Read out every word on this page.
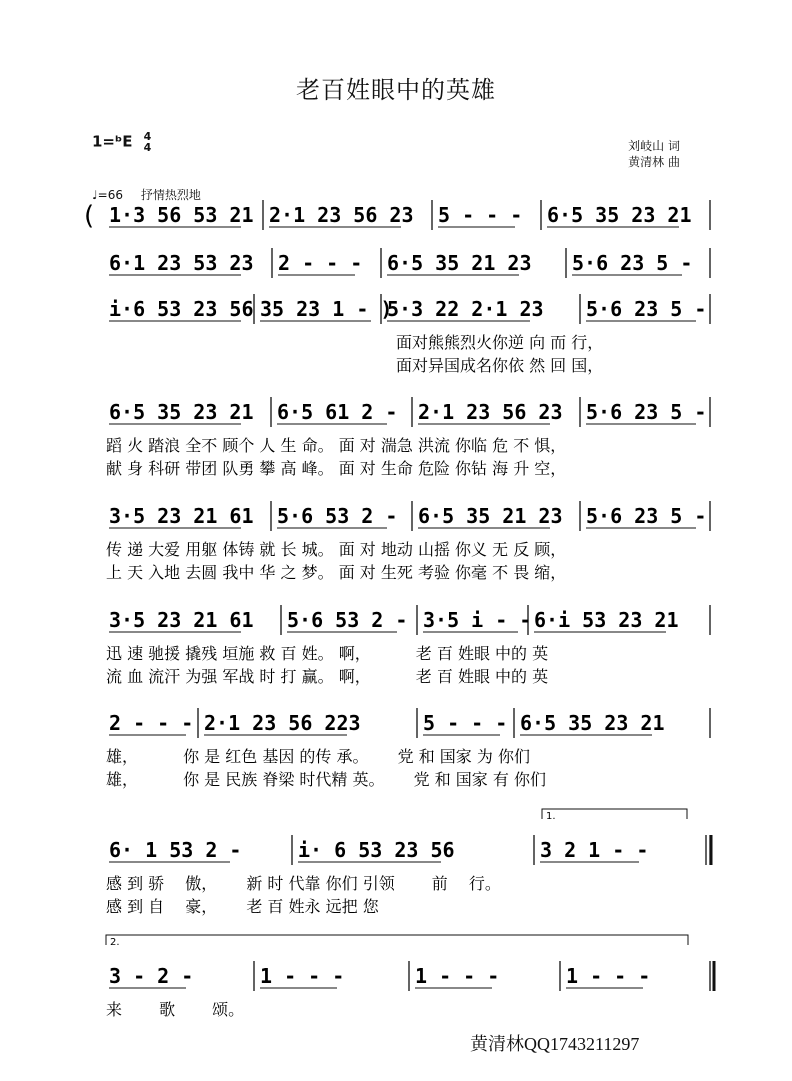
老百姓眼中的英雄
1=ᵇE 4
4	刘岐山 词
黄清林 曲
♩=66 抒情热烈地
1·3 56 53 21 2·1 23 56 23 5 - - - 6·5 35 23 21
(
6·1 23 53 23 2 - - - 6·5 35 21 23 5·6 23 5 -
i·6 53 23 56 35 23 1 - )
5·3 22 2·1 23 5·6 23 5 -
面对熊熊烈火你逆 向 而 行，
面对异国成名你依 然 回 国，
6·5 35 23 21 6·5 61 2 - 2·1 23 56 23 5·6 23 5 -
蹈 火 踏浪 全不 顾个 人 生 命。 面 对 湍急 洪流 你临 危 不 惧，
献 身 科研 带团 队勇 攀 高 峰。 面 对 生命 危险 你钻 海 升 空，
3·5 23 21 61 5·6 53 2 - 6·5 35 21 23 5·6 23 5 -
传 递 大爱 用躯 体铸 就 长 城。 面 对 地动 山摇 你义 无 反 顾，
上 天 入地 去圆 我中 华 之 梦。 面 对 生死 考验 你毫 不 畏 缩，
3·5 23 21 61 5·6 53 2 - 3·5 i - - 6·i 53 23 21
迅 速 驰援 撬残 垣施 救 百 姓。 啊，　　　 老 百 姓眼 中的 英
流 血 流汗 为强 军战 时 打 赢。 啊，　　　 老 百 姓眼 中的 英
2 - - - 2·1 23 56 223	5 - - - 6·5 35 23 21
雄，　　　 你 是 红色 基因 的传 承。　　 党 和 国家 为 你们
雄，　　　 你 是 民族 脊梁 时代精 英。　　 党 和 国家 有 你们
6· 1 53 2 -	i· 6 53 23 56	3 2 1 - -
1.
感 到 骄　 傲，　　 新 时 代靠 你们 引领　　 前　 行。
感 到 自　 豪，　　 老 百 姓永 远把 您
3 - 2 -	1 - - -	1 - - -	1 - - -
2.
来　　 歌　　 颂。
黄清林QQ1743211297
